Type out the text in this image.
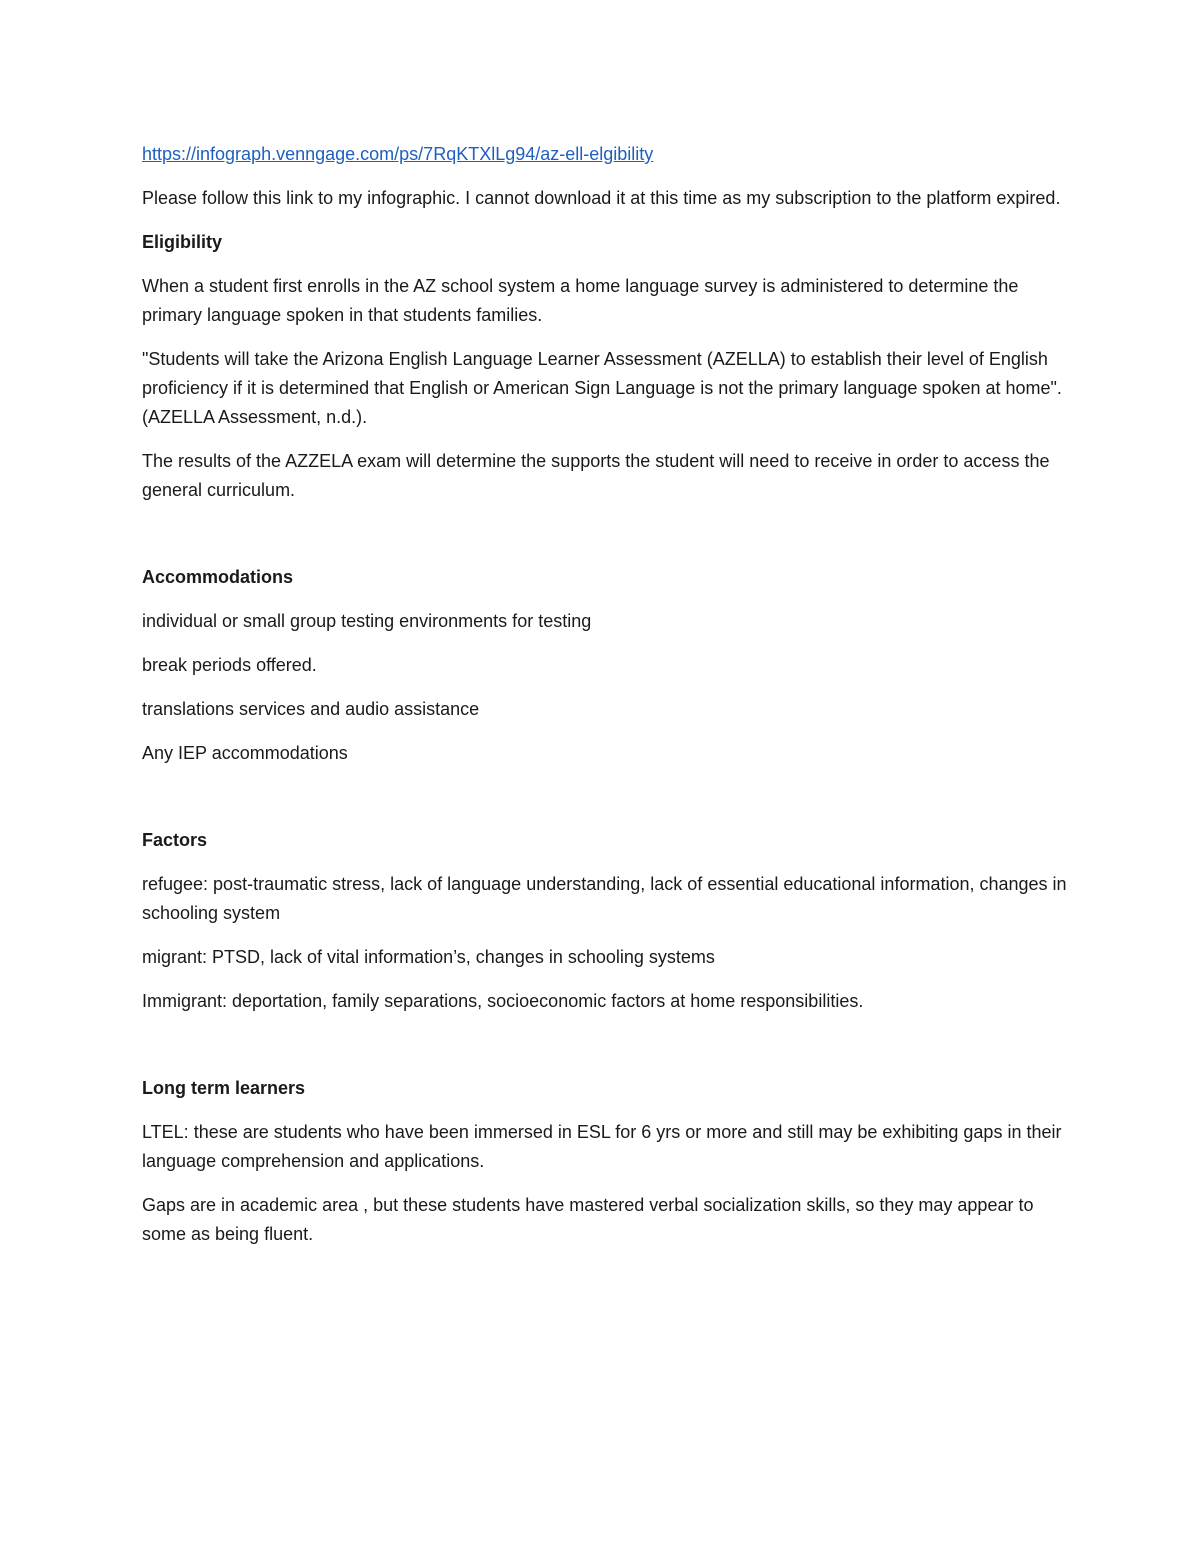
https://infograph.venngage.com/ps/7RqKTXlLg94/az-ell-elgibility

Please follow this link to my infographic. I cannot download it at this time as my subscription to the platform expired.

Eligibility

When a student first enrolls in the AZ school system a home language survey is administered to determine the primary language spoken in that students families.

"Students will take the Arizona English Language Learner Assessment (AZELLA) to establish their level of English proficiency if it is determined that English or American Sign Language is not the primary language spoken at home".(AZELLA Assessment, n.d.).

The results of the AZZELA exam will determine the supports the student will need to receive in order to access the general curriculum.

Accommodations

individual or small group testing environments for testing

break periods offered.

translations services and audio assistance

Any IEP accommodations

Factors

refugee: post-traumatic stress, lack of language understanding, lack of essential educational information, changes in schooling system

migrant: PTSD, lack of vital information’s, changes in schooling systems

Immigrant: deportation, family separations, socioeconomic factors at home responsibilities.

Long term learners

LTEL: these are students who have been immersed in ESL for 6 yrs or more and still may be exhibiting gaps in their language comprehension and applications.

Gaps are in academic area , but these students have mastered verbal socialization skills, so they may appear to some as being fluent.
